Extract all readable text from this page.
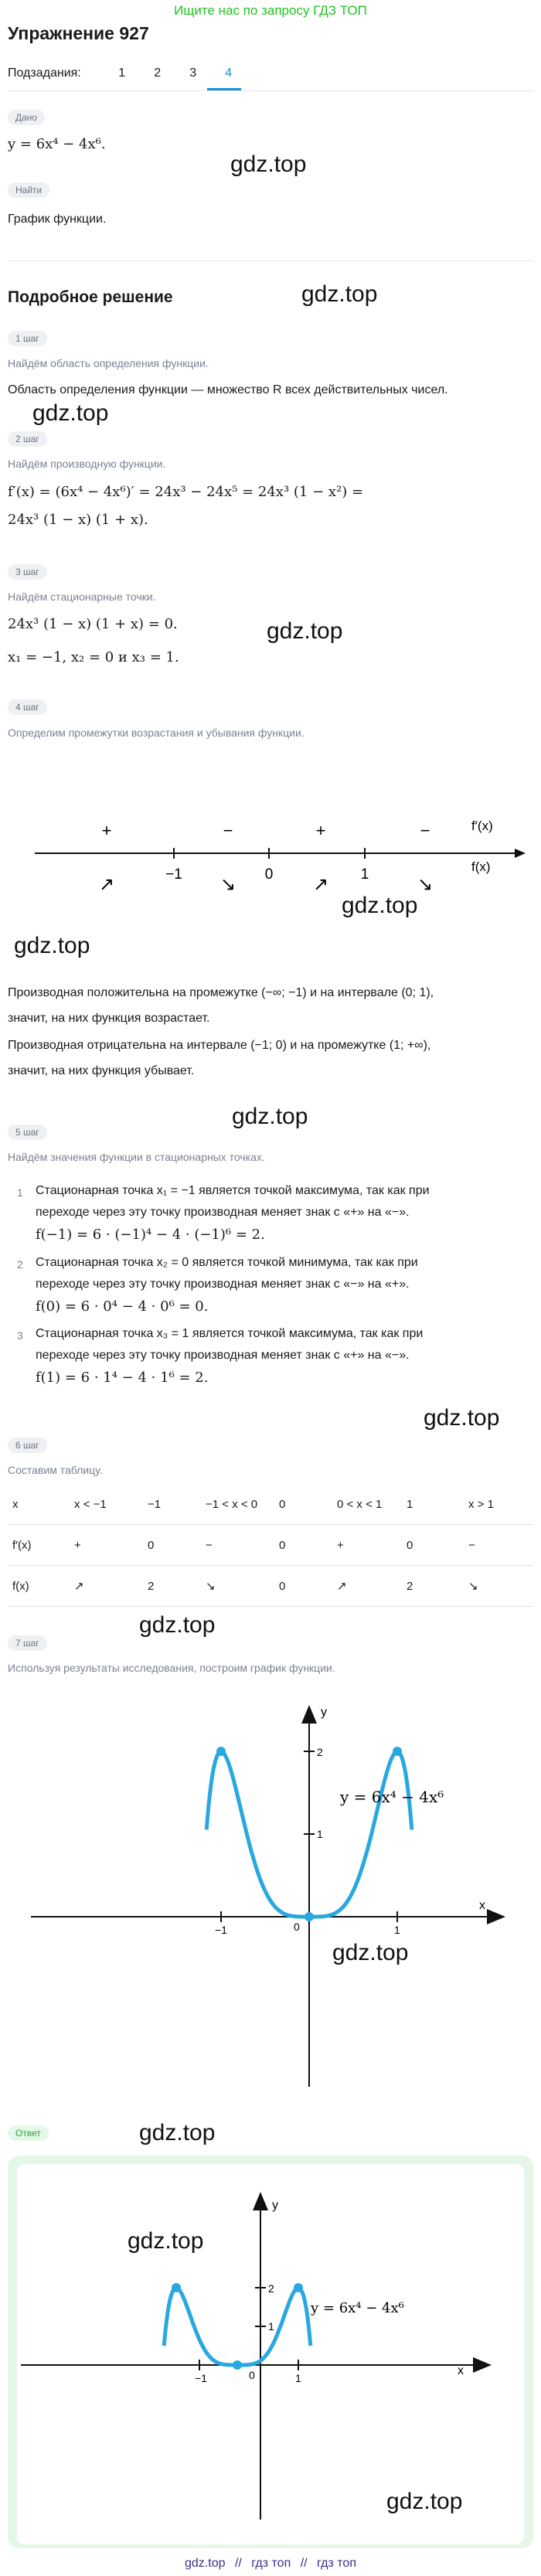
Ищите нас по запросу ГДЗ ТОП
Упражнение 927
Подзадания:	1	2	3	4
Дано
y = 6x⁴ − 4x⁶.
gdz.top
Найти
График функции.
Подробное решение	gdz.top
1 шаг
Найдём область определения функции.
Область определения функции — множество R всех действительных чисел.
gdz.top
2 шаг
Найдём производную функции.
f′(x) = (6x⁴ − 4x⁶)′ = 24x³ − 24x⁵ = 24x³ (1 − x²) =
24x³ (1 − x) (1 + x).
3 шаг
Найдём стационарные точки.
24x³ (1 − x) (1 + x) = 0.	gdz.top
x₁ = −1, x₂ = 0 и x₃ = 1.
4 шаг
Определим промежутки возрастания и убывания функции.
+	−	+	−	f′(x)
f(x)
−1	0	1
↗	↘	↗	↘
gdz.top
gdz.top
Производная положительна на промежутке (−∞; −1) и на интервале (0; 1),
значит, на них функция возрастает.
Производная отрицательна на интервале (−1; 0) и на промежутке (1; +∞),
значит, на них функция убывает.
gdz.top
5 шаг
Найдём значения функции в стационарных точках.
1 Стационарная точка x₁ = −1 является точкой максимума, так как при
переходе через эту точку производная меняет знак с «+» на «−».
f(−1) = 6 · (−1)⁴ − 4 · (−1)⁶ = 2.
2 Стационарная точка x₂ = 0 является точкой минимума, так как при
переходе через эту точку производная меняет знак с «−» на «+».
f(0) = 6 · 0⁴ − 4 · 0⁶ = 0.
3 Стационарная точка x₃ = 1 является точкой максимума, так как при
переходе через эту точку производная меняет знак с «+» на «−».
f(1) = 6 · 1⁴ − 4 · 1⁶ = 2.
gdz.top
6 шаг
Составим таблицу.
x	x < −1	−1	−1 < x < 0	0	0 < x < 1	1	x > 1
f′(x)	+	0	−	0	+	0	−
f(x)	↗	2	↘	0	↗	2	↘
gdz.top
7 шаг
Используя результаты исследования, построим график функции.
x
y
−1	0	1
2
1
y = 6x⁴ − 4x⁶
gdz.top
Ответ	gdz.top
x
y
−1	0	1
2
1
y = 6x⁴ − 4x⁶
gdz.top
gdz.top
gdz.top // гдз топ // гдз топ
